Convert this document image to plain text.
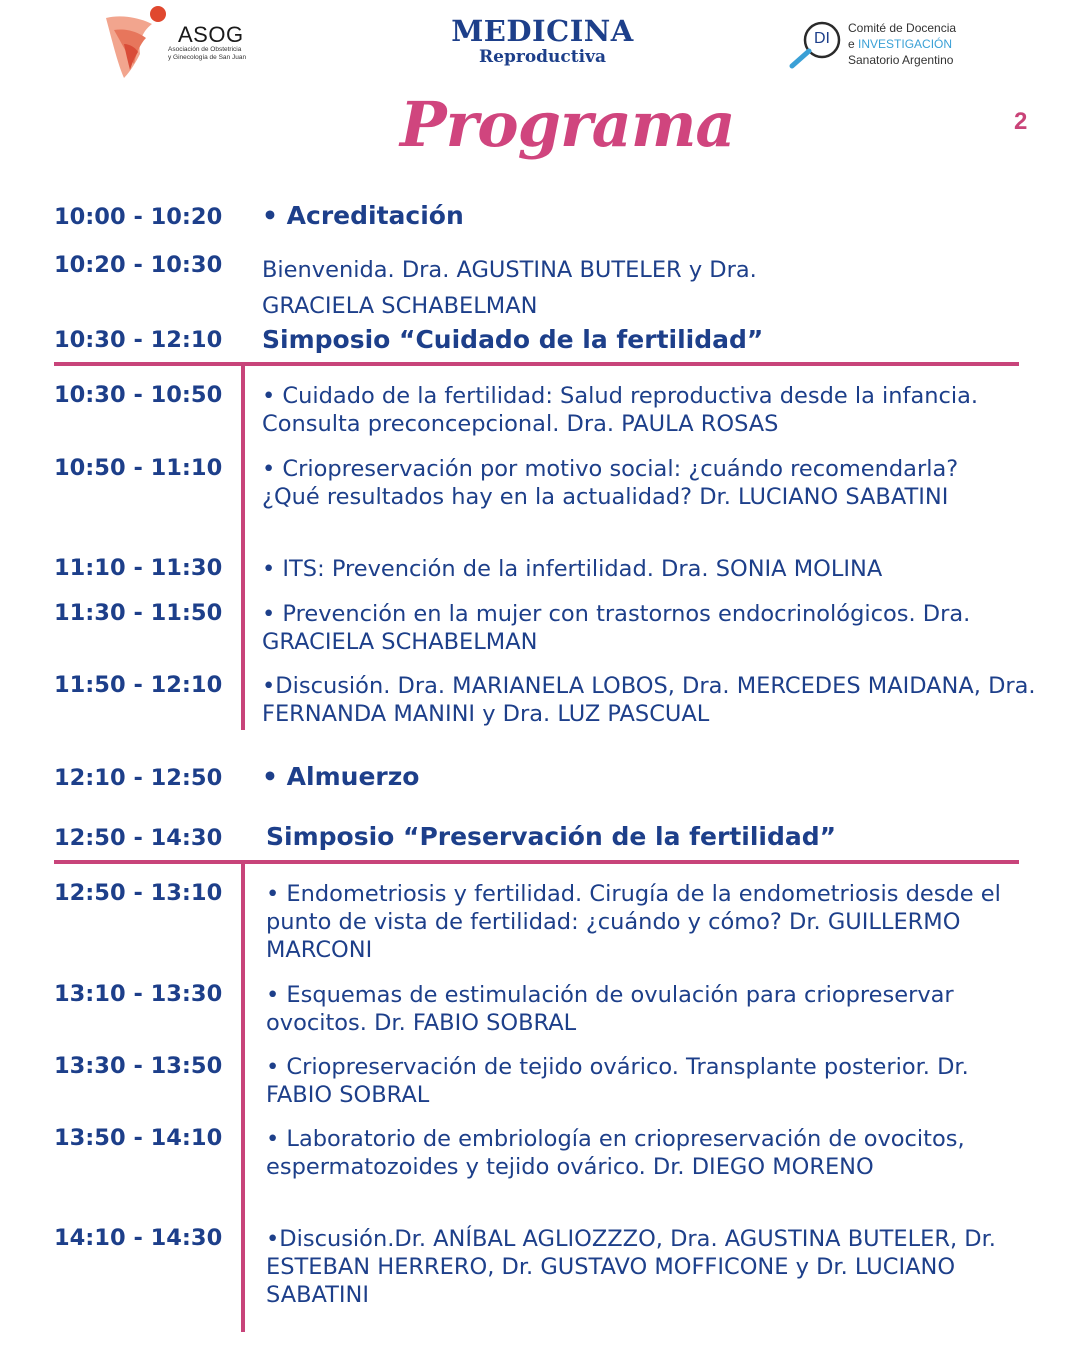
ASOG
Asociación de Obstetricia
y Ginecología de San Juan
MEDICINA
Reproductiva
DI
Comité de Docencia
e INVESTIGACIÓN
Sanatorio Argentino
Programa	2
10:00 - 10:20 • Acreditación
10:20 - 10:30 Bienvenida. Dra. AGUSTINA BUTELER y Dra.
GRACIELA SCHABELMAN
10:30 - 12:10 Simposio “Cuidado de la fertilidad”
10:30 - 10:50 • Cuidado de la fertilidad: Salud reproductiva desde la infancia. Consulta preconcepcional. Dra. PAULA ROSAS
10:50 - 11:10 • Criopreservación por motivo social: ¿cuándo recomendarla? ¿Qué resultados hay en la actualidad? Dr. LUCIANO SABATINI
11:10 - 11:30 • ITS: Prevención de la infertilidad. Dra. SONIA MOLINA
11:30 - 11:50 • Prevención en la mujer con trastornos endocrinológicos. Dra. GRACIELA SCHABELMAN
11:50 - 12:10 •Discusión. Dra. MARIANELA LOBOS, Dra. MERCEDES MAIDANA, Dra. FERNANDA MANINI y Dra. LUZ PASCUAL
12:10 - 12:50 • Almuerzo
12:50 - 14:30 Simposio “Preservación de la fertilidad”
12:50 - 13:10 • Endometriosis y fertilidad. Cirugía de la endometriosis desde el punto de vista de fertilidad: ¿cuándo y cómo? Dr. GUILLERMO MARCONI
13:10 - 13:30 • Esquemas de estimulación de ovulación para criopreservar ovocitos. Dr. FABIO SOBRAL
13:30 - 13:50 • Criopreservación de tejido ovárico. Transplante posterior. Dr. FABIO SOBRAL
13:50 - 14:10 • Laboratorio de embriología en criopreservación de ovocitos, espermatozoides y tejido ovárico. Dr. DIEGO MORENO
14:10 - 14:30 •Discusión.Dr. ANÍBAL AGLIOZZZO, Dra. AGUSTINA BUTELER, Dr. ESTEBAN HERRERO, Dr. GUSTAVO MOFFICONE y Dr. LUCIANO SABATINI
